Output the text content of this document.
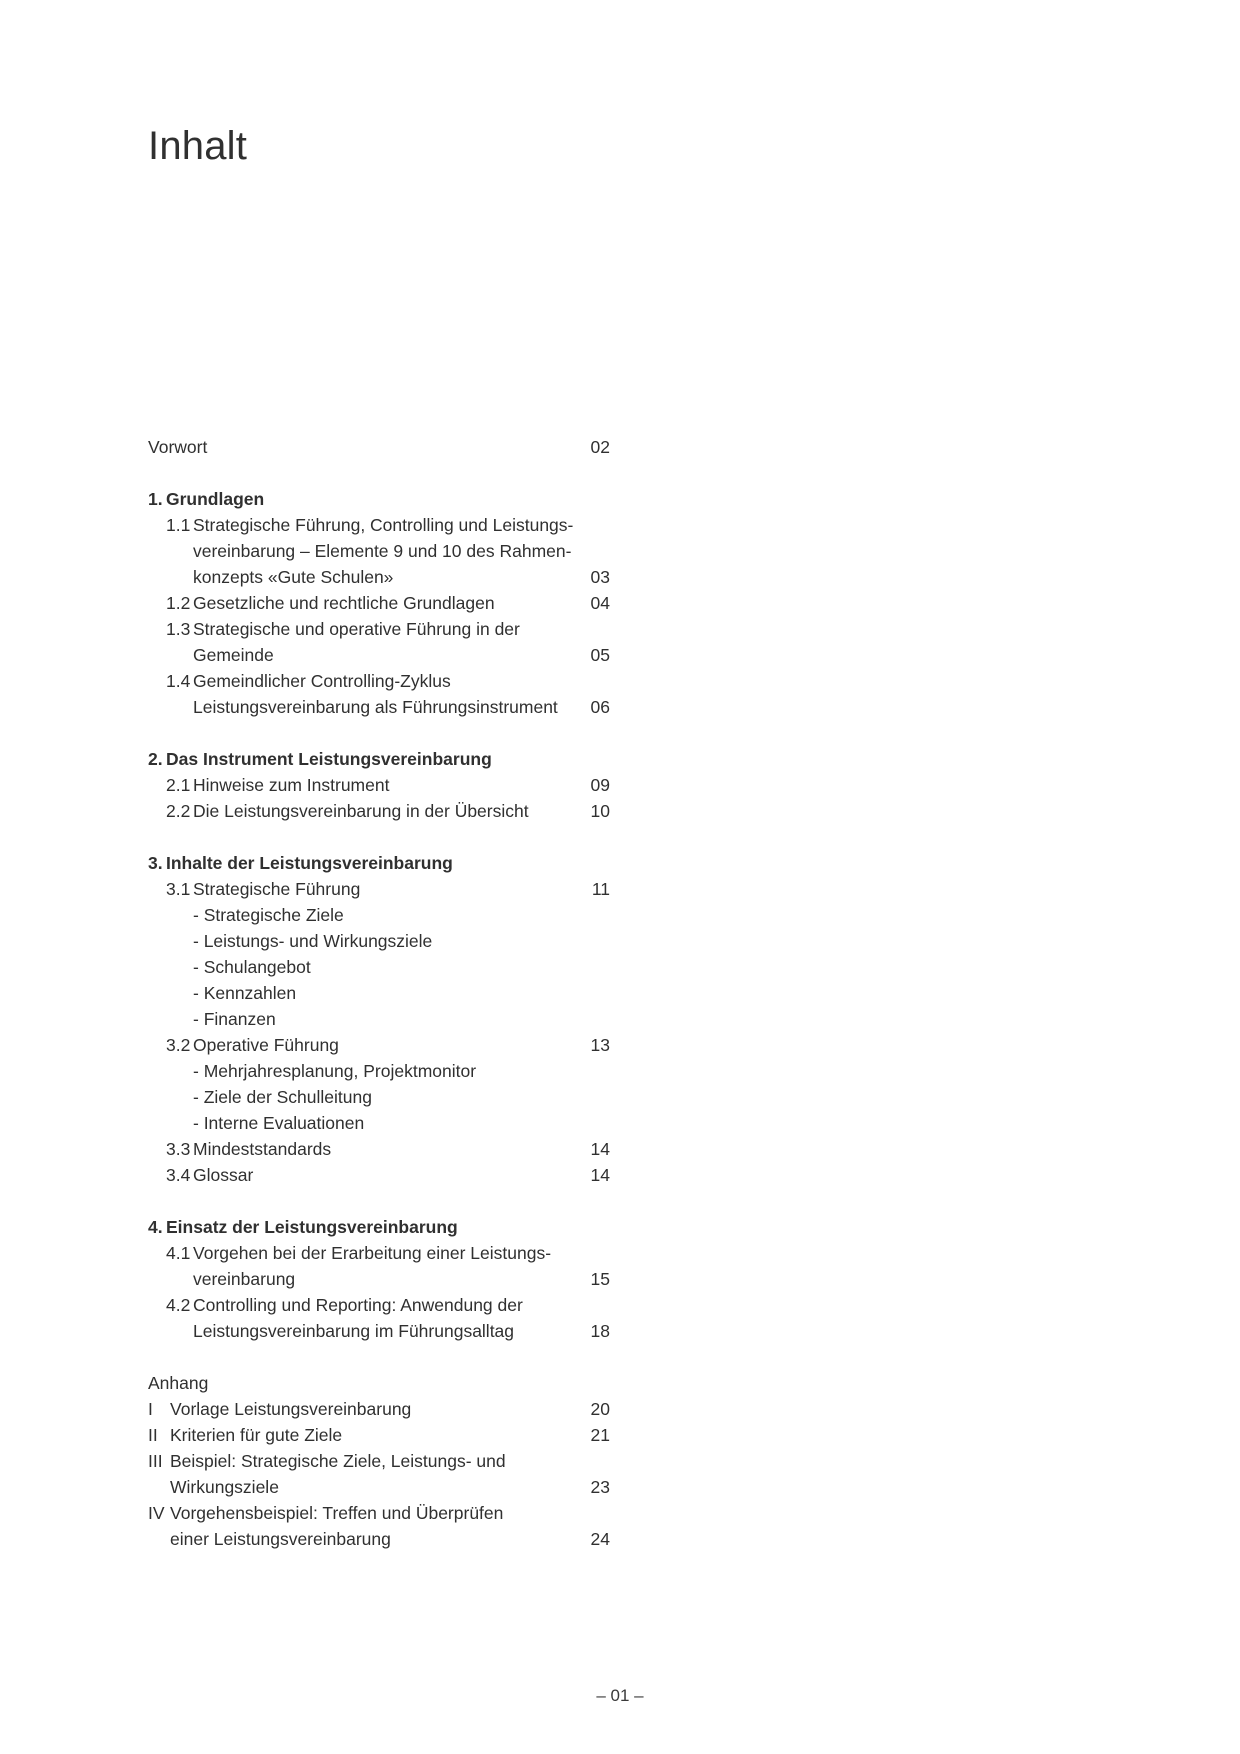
Inhalt
Vorwort	02
1. Grundlagen
1.1 Strategische Führung, Controlling und Leistungs-
vereinbarung – Elemente 9 und 10 des Rahmen-
konzepts «Gute Schulen»	03
1.2 Gesetzliche und rechtliche Grundlagen	04
1.3 Strategische und operative Führung in der
Gemeinde	05
1.4 Gemeindlicher Controlling-Zyklus
Leistungsvereinbarung als Führungsinstrument 06
2. Das Instrument Leistungsvereinbarung
2.1 Hinweise zum Instrument	09
2.2 Die Leistungsvereinbarung in der Übersicht	10
3. Inhalte der Leistungsvereinbarung
3.1 Strategische Führung	11
- Strategische Ziele
- Leistungs- und Wirkungsziele
- Schulangebot
- Kennzahlen
- Finanzen
3.2 Operative Führung	13
- Mehrjahresplanung, Projektmonitor
- Ziele der Schulleitung
- Interne Evaluationen
3.3 Mindeststandards	14
3.4 Glossar	14
4. Einsatz der Leistungsvereinbarung
4.1 Vorgehen bei der Erarbeitung einer Leistungs-
vereinbarung	15
4.2 Controlling und Reporting: Anwendung der
Leistungsvereinbarung im Führungsalltag	18
Anhang
I Vorlage Leistungsvereinbarung	20
II Kriterien für gute Ziele	21
III Beispiel: Strategische Ziele, Leistungs- und
Wirkungsziele	23
IV Vorgehensbeispiel: Treffen und Überprüfen
einer Leistungsvereinbarung	24
– 01 –
